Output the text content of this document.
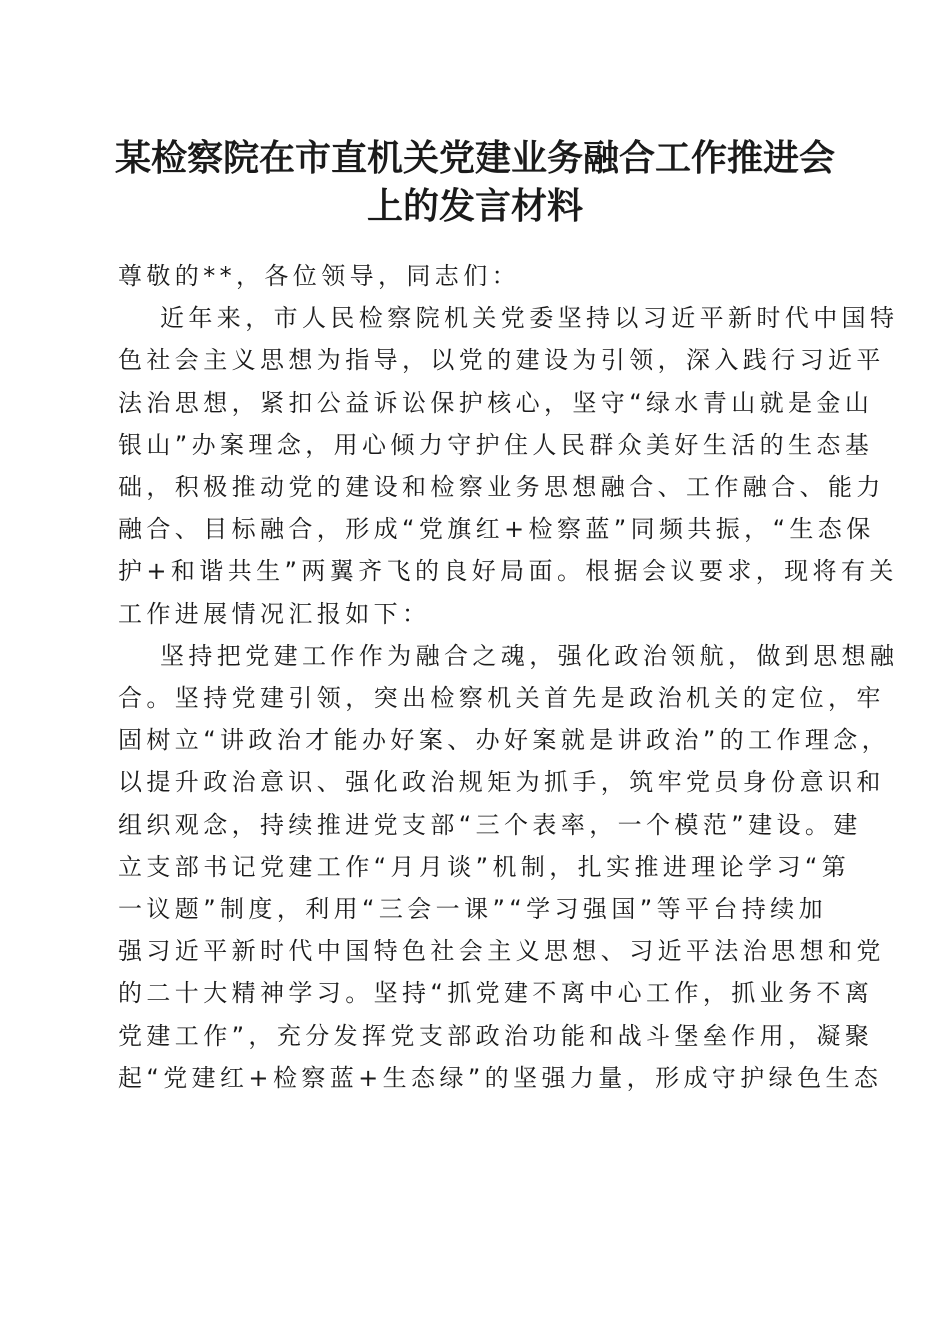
某检察院在市直机关党建业务融合工作推进会
上的发言材料

尊敬的**，各位领导，同志们：

近年来，市人民检察院机关党委坚持以习近平新时代中国特
色社会主义思想为指导，以党的建设为引领，深入践行习近平
法治思想，紧扣公益诉讼保护核心，坚守“绿水青山就是金山
银山”办案理念，用心倾力守护住人民群众美好生活的生态基
础，积极推动党的建设和检察业务思想融合、工作融合、能力
融合、目标融合，形成“党旗红+检察蓝”同频共振，“生态保
护+和谐共生”两翼齐飞的良好局面。根据会议要求，现将有关
工作进展情况汇报如下：

坚持把党建工作作为融合之魂，强化政治领航，做到思想融
合。坚持党建引领，突出检察机关首先是政治机关的定位，牢
固树立“讲政治才能办好案、办好案就是讲政治”的工作理念，
以提升政治意识、强化政治规矩为抓手，筑牢党员身份意识和
组织观念，持续推进党支部“三个表率，一个模范”建设。建
立支部书记党建工作“月月谈”机制，扎实推进理论学习“第
一议题”制度，利用“三会一课”“学习强国”等平台持续加
强习近平新时代中国特色社会主义思想、习近平法治思想和党
的二十大精神学习。坚持“抓党建不离中心工作，抓业务不离
党建工作”，充分发挥党支部政治功能和战斗堡垒作用，凝聚
起“党建红+检察蓝+生态绿”的坚强力量，形成守护绿色生态
